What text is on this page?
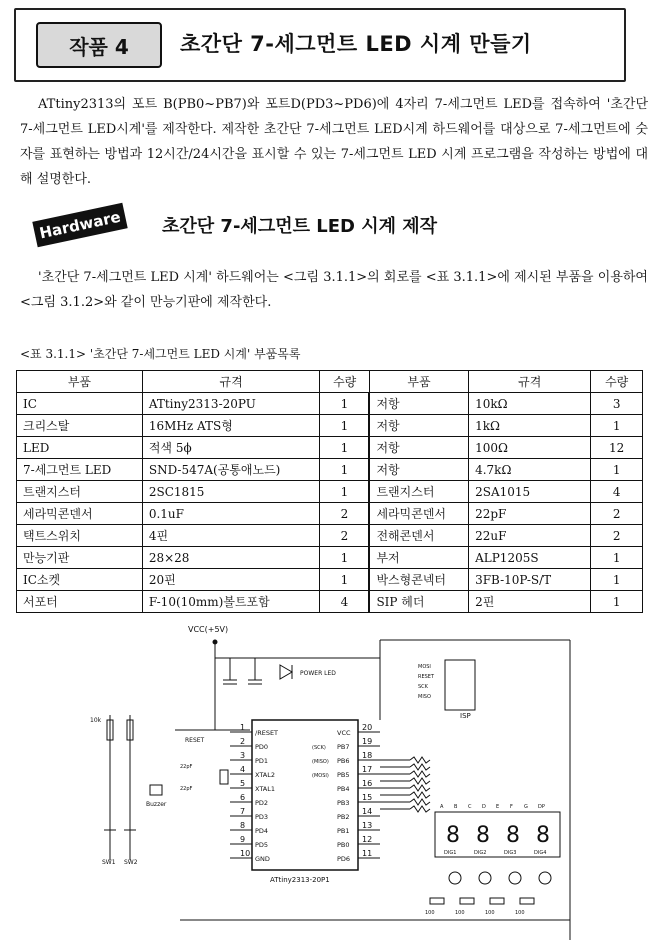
작품 4	초간단 7-세그먼트 LED 시계 만들기
ATtiny2313의 포트 B(PB0~PB7)와 포트D(PD3~PD6)에 4자리 7-세그먼트 LED를 접속하여 '초간단 7-세그먼트 LED시계'를 제작한다. 제작한 초간단 7-세그먼트 LED시계 하드웨어를 대상으로 7-세그먼트에 숫자를 표현하는 방법과 12시간/24시간을 표시할 수 있는 7-세그먼트 LED 시계 프로그램을 작성하는 방법에 대해 설명한다.
Hardware	초간단 7-세그먼트 LED 시계 제작
'초간단 7-세그먼트 LED 시계' 하드웨어는 <그림 3.1.1>의 회로를 <표 3.1.1>에 제시된 부품을 이용하여 <그림 3.1.2>와 같이 만능기판에 제작한다.
<표 3.1.1> '초간단 7-세그먼트 LED 시계' 부품목록
부품	규격	수량	부품	규격	수량
IC	ATtiny2313-20PU	1	저항	10kΩ	3
크리스탈	16MHz ATS형	1	저항	1kΩ	1
LED	적색 5ϕ	1	저항	100Ω	12
7-세그먼트 LED	SND-547A(공통애노드)	1	저항	4.7kΩ	1
트랜지스터	2SC1815	1	트랜지스터	2SA1015	4
세라믹콘덴서	0.1uF	2	세라믹콘덴서	22pF	2
택트스위치	4핀	2	전해콘덴서	22uF	2
만능기판	28×28	1	부저	ALP1205S	1
IC소켓	20핀	1	박스형콘넥터	3FB-10P-S/T	1
서포터	F-10(10mm)볼트포함	4	SIP 헤더	2핀	1
VCC(+5V)
POWER LED
ISP
MOSI
RESET
SCK
MISO
10k
SW1 SW2
Buzzer
RESET
22pF
22pF
ATtiny2313-20P1
1	20
/RESET	VCC
2	19
PD0	PB7
(SCK)
3	18
PD1	PB6
(MISO)
4	17
XTAL2	PB5
(MOSI)
5	16
XTAL1	PB4
6	15
PD2	PB3
7	14
PD3	PB2
8	13
PD4	PB1
9	12
PD5	PB0
10	11
GND	PD6
A B C D E F G DP
8
DIG1
8
DIG2
8
DIG3
8
DIG4
100	100	100	100
